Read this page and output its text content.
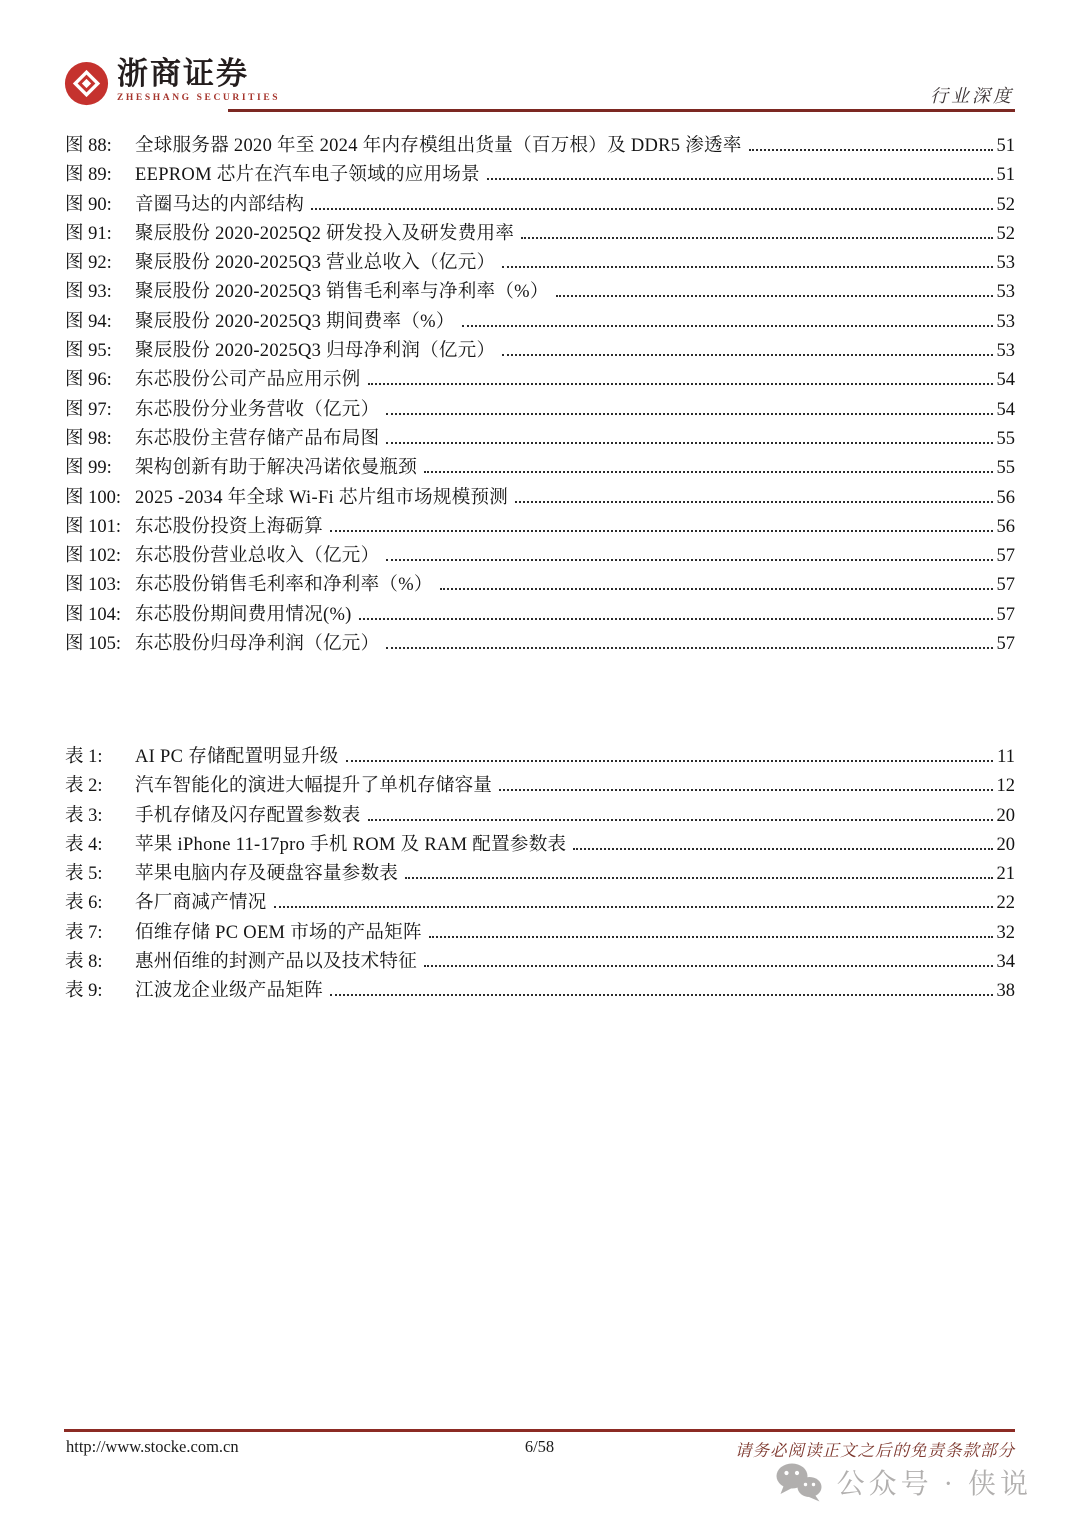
浙商证券
ZHESHANG SECURITIES	行业深度
图 88:	全球服务器 2020 年至 2024 年内存模组出货量（百万根）及 DDR5 渗透率	51
图 89:	EEPROM 芯片在汽车电子领域的应用场景	51
图 90:	音圈马达的内部结构	52
图 91:	聚辰股份 2020-2025Q2 研发投入及研发费用率	52
图 92:	聚辰股份 2020-2025Q3 营业总收入（亿元）	53
图 93:	聚辰股份 2020-2025Q3 销售毛利率与净利率（%）	53
图 94:	聚辰股份 2020-2025Q3 期间费率（%）	53
图 95:	聚辰股份 2020-2025Q3 归母净利润（亿元）	53
图 96:	东芯股份公司产品应用示例	54
图 97:	东芯股份分业务营收（亿元）	54
图 98:	东芯股份主营存储产品布局图	55
图 99:	架构创新有助于解决冯诺依曼瓶颈	55
图 100: 2025 -2034 年全球 Wi-Fi 芯片组市场规模预测	56
图 101: 东芯股份投资上海砺算	56
图 102: 东芯股份营业总收入（亿元）	57
图 103: 东芯股份销售毛利率和净利率（%）	57
图 104: 东芯股份期间费用情况(%)	57
图 105: 东芯股份归母净利润（亿元）	57
表 1:	AI PC 存储配置明显升级	11
表 2:	汽车智能化的演进大幅提升了单机存储容量	12
表 3:	手机存储及闪存配置参数表	20
表 4:	苹果 iPhone 11-17pro 手机 ROM 及 RAM 配置参数表	20
表 5:	苹果电脑内存及硬盘容量参数表	21
表 6:	各厂商减产情况	22
表 7:	佰维存储 PC OEM 市场的产品矩阵	32
表 8:	惠州佰维的封测产品以及技术特征	34
表 9:	江波龙企业级产品矩阵	38
http://www.stocke.com.cn	6/58	请务必阅读正文之后的免责条款部分
公众号 · 侠说
